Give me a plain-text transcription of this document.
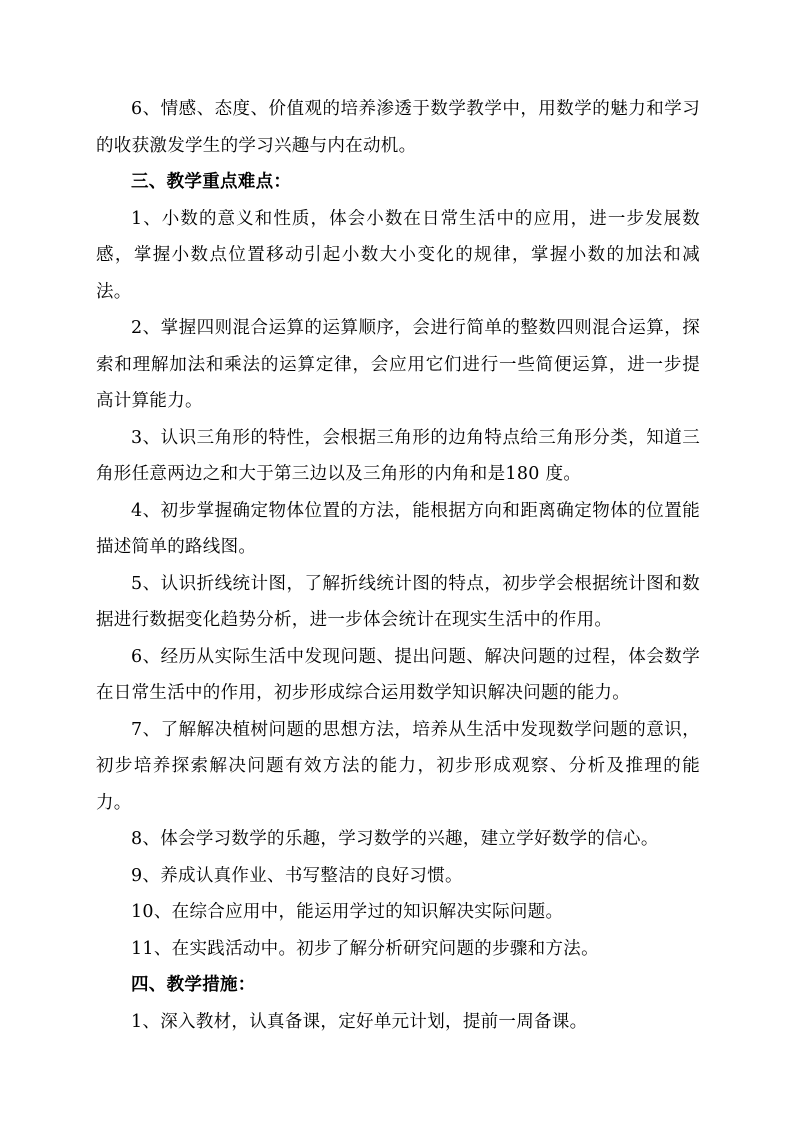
6、情感、态度、价值观的培养渗透于数学教学中，用数学的魅力和学习的收获激发学生的学习兴趣与内在动机。

三、教学重点难点：

1、小数的意义和性质，体会小数在日常生活中的应用，进一步发展数感，掌握小数点位置移动引起小数大小变化的规律，掌握小数的加法和减法。

2、掌握四则混合运算的运算顺序，会进行简单的整数四则混合运算，探索和理解加法和乘法的运算定律，会应用它们进行一些简便运算，进一步提高计算能力。

3、认识三角形的特性，会根据三角形的边角特点给三角形分类，知道三角形任意两边之和大于第三边以及三角形的内角和是180 度。

4、初步掌握确定物体位置的方法，能根据方向和距离确定物体的位置能描述简单的路线图。

5、认识折线统计图，了解折线统计图的特点，初步学会根据统计图和数据进行数据变化趋势分析，进一步体会统计在现实生活中的作用。

6、经历从实际生活中发现问题、提出问题、解决问题的过程，体会数学在日常生活中的作用，初步形成综合运用数学知识解决问题的能力。

7、了解解决植树问题的思想方法，培养从生活中发现数学问题的意识，初步培养探索解决问题有效方法的能力，初步形成观察、分析及推理的能力。

8、体会学习数学的乐趣，学习数学的兴趣，建立学好数学的信心。

9、养成认真作业、书写整洁的良好习惯。

10、在综合应用中，能运用学过的知识解决实际问题。

11、在实践活动中。初步了解分析研究问题的步骤和方法。

四、教学措施：

1、深入教材，认真备课，定好单元计划，提前一周备课。
